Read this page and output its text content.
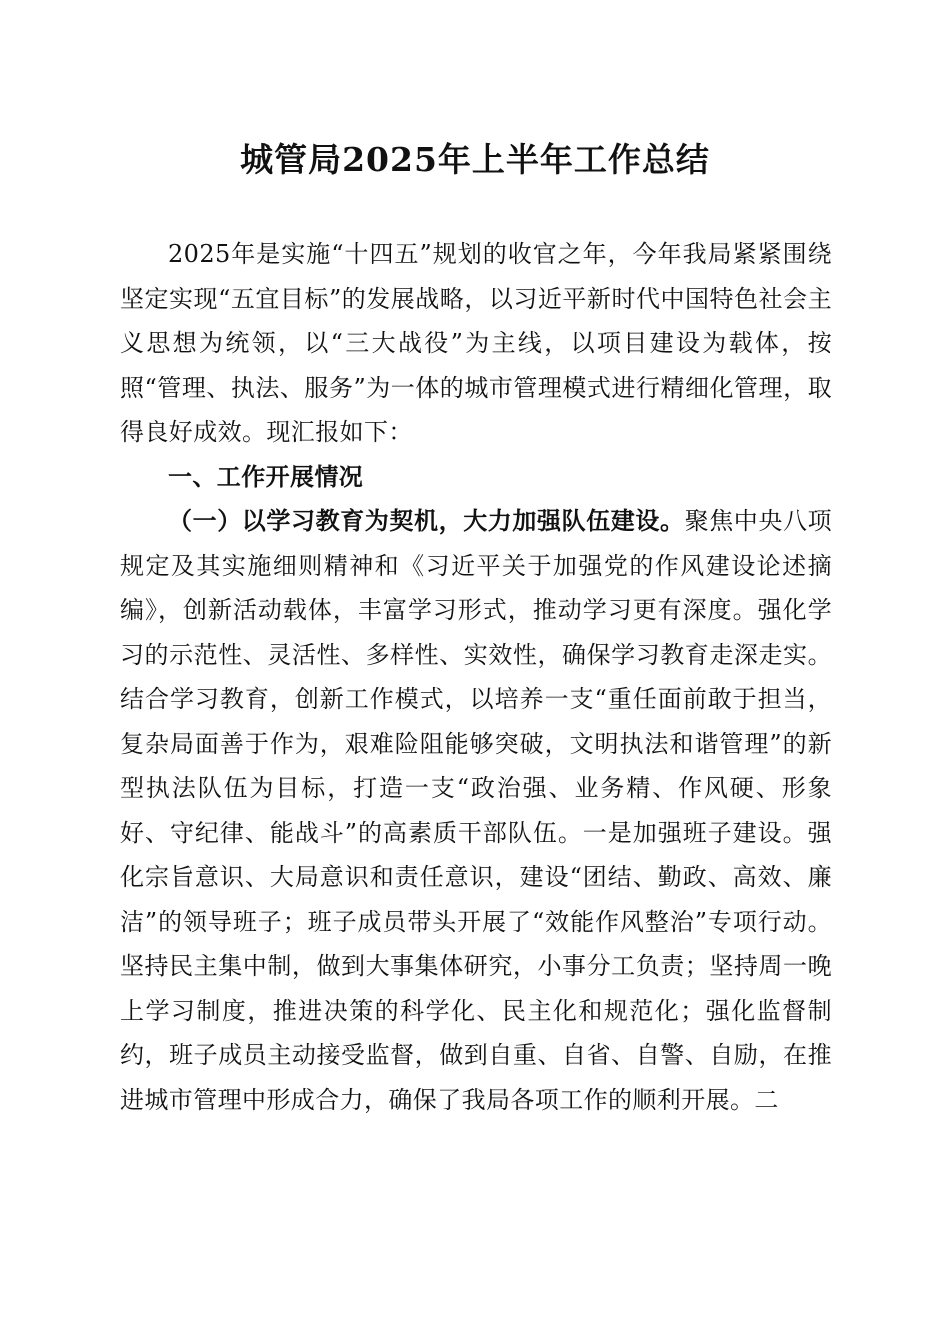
城管局2025年上半年工作总结

2025年是实施“十四五”规划的收官之年，今年我局紧紧围绕坚定实现“五宜目标”的发展战略，以习近平新时代中国特色社会主义思想为统领，以“三大战役”为主线，以项目建设为载体，按照“管理、执法、服务”为一体的城市管理模式进行精细化管理，取得良好成效。现汇报如下：

一、工作开展情况

（一）以学习教育为契机，大力加强队伍建设。聚焦中央八项规定及其实施细则精神和《习近平关于加强党的作风建设论述摘编》，创新活动载体，丰富学习形式，推动学习更有深度。强化学习的示范性、灵活性、多样性、实效性，确保学习教育走深走实。结合学习教育，创新工作模式，以培养一支“重任面前敢于担当，复杂局面善于作为，艰难险阻能够突破，文明执法和谐管理”的新型执法队伍为目标，打造一支“政治强、业务精、作风硬、形象好、守纪律、能战斗”的高素质干部队伍。一是加强班子建设。强化宗旨意识、大局意识和责任意识，建设“团结、勤政、高效、廉洁”的领导班子；班子成员带头开展了“效能作风整治”专项行动。坚持民主集中制，做到大事集体研究，小事分工负责；坚持周一晚上学习制度，推进决策的科学化、民主化和规范化；强化监督制约，班子成员主动接受监督，做到自重、自省、自警、自励，在推进城市管理中形成合力，确保了我局各项工作的顺利开展。二
